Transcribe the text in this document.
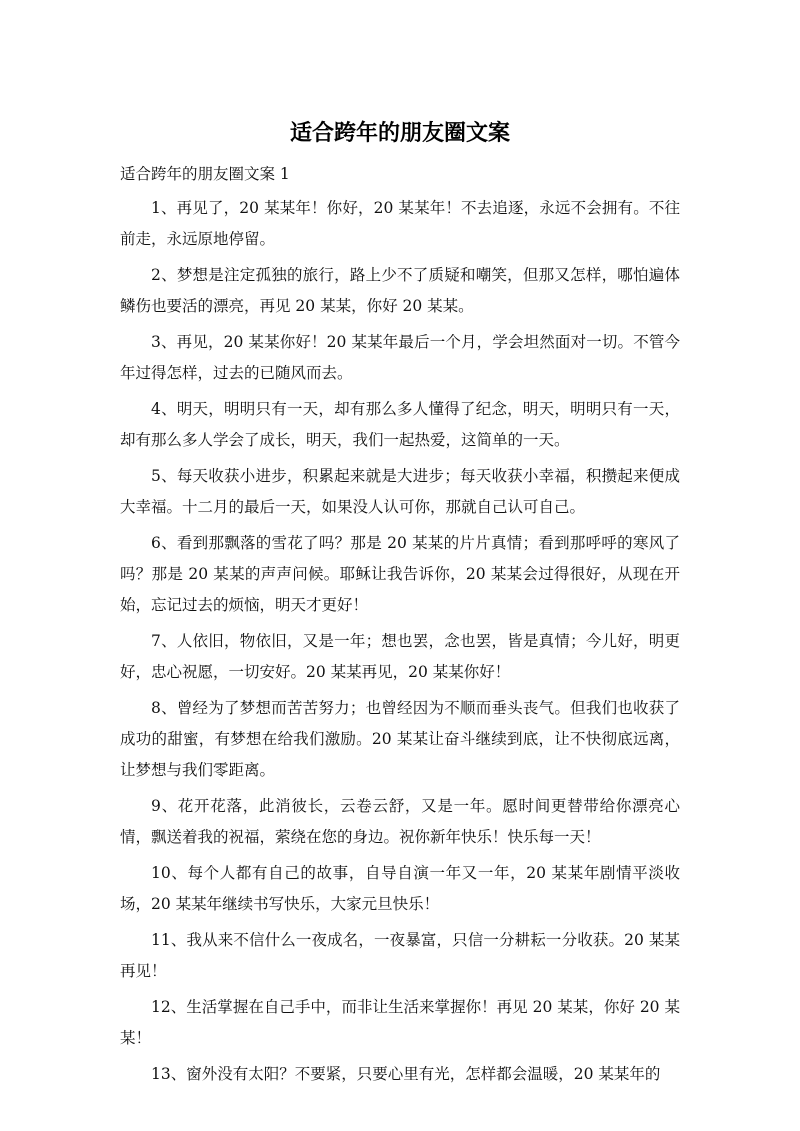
适合跨年的朋友圈文案

适合跨年的朋友圈文案 1

1、再见了，20 某某年！你好，20 某某年！不去追逐，永远不会拥有。不往前走，永远原地停留。

2、梦想是注定孤独的旅行，路上少不了质疑和嘲笑，但那又怎样，哪怕遍体鳞伤也要活的漂亮，再见 20 某某，你好 20 某某。

3、再见，20 某某你好！20 某某年最后一个月，学会坦然面对一切。不管今年过得怎样，过去的已随风而去。

4、明天，明明只有一天，却有那么多人懂得了纪念，明天，明明只有一天，却有那么多人学会了成长，明天，我们一起热爱，这简单的一天。

5、每天收获小进步，积累起来就是大进步；每天收获小幸福，积攒起来便成大幸福。十二月的最后一天，如果没人认可你，那就自己认可自己。

6、看到那飘落的雪花了吗？那是 20 某某的片片真情；看到那呼呼的寒风了吗？那是 20 某某的声声问候。耶稣让我告诉你，20 某某会过得很好，从现在开始，忘记过去的烦恼，明天才更好！

7、人依旧，物依旧，又是一年；想也罢，念也罢，皆是真情；今儿好，明更好，忠心祝愿，一切安好。20 某某再见，20 某某你好！

8、曾经为了梦想而苦苦努力；也曾经因为不顺而垂头丧气。但我们也收获了成功的甜蜜，有梦想在给我们激励。20 某某让奋斗继续到底，让不快彻底远离，让梦想与我们零距离。

9、花开花落，此消彼长，云卷云舒，又是一年。愿时间更替带给你漂亮心情，飘送着我的祝福，萦绕在您的身边。祝你新年快乐！快乐每一天！

10、每个人都有自己的故事，自导自演一年又一年，20 某某年剧情平淡收场，20 某某年继续书写快乐，大家元旦快乐！

11、我从来不信什么一夜成名，一夜暴富，只信一分耕耘一分收获。20 某某再见！

12、生活掌握在自己手中，而非让生活来掌握你！再见 20 某某，你好 20 某某！

13、窗外没有太阳？不要紧，只要心里有光，怎样都会温暖，20 某某年的
